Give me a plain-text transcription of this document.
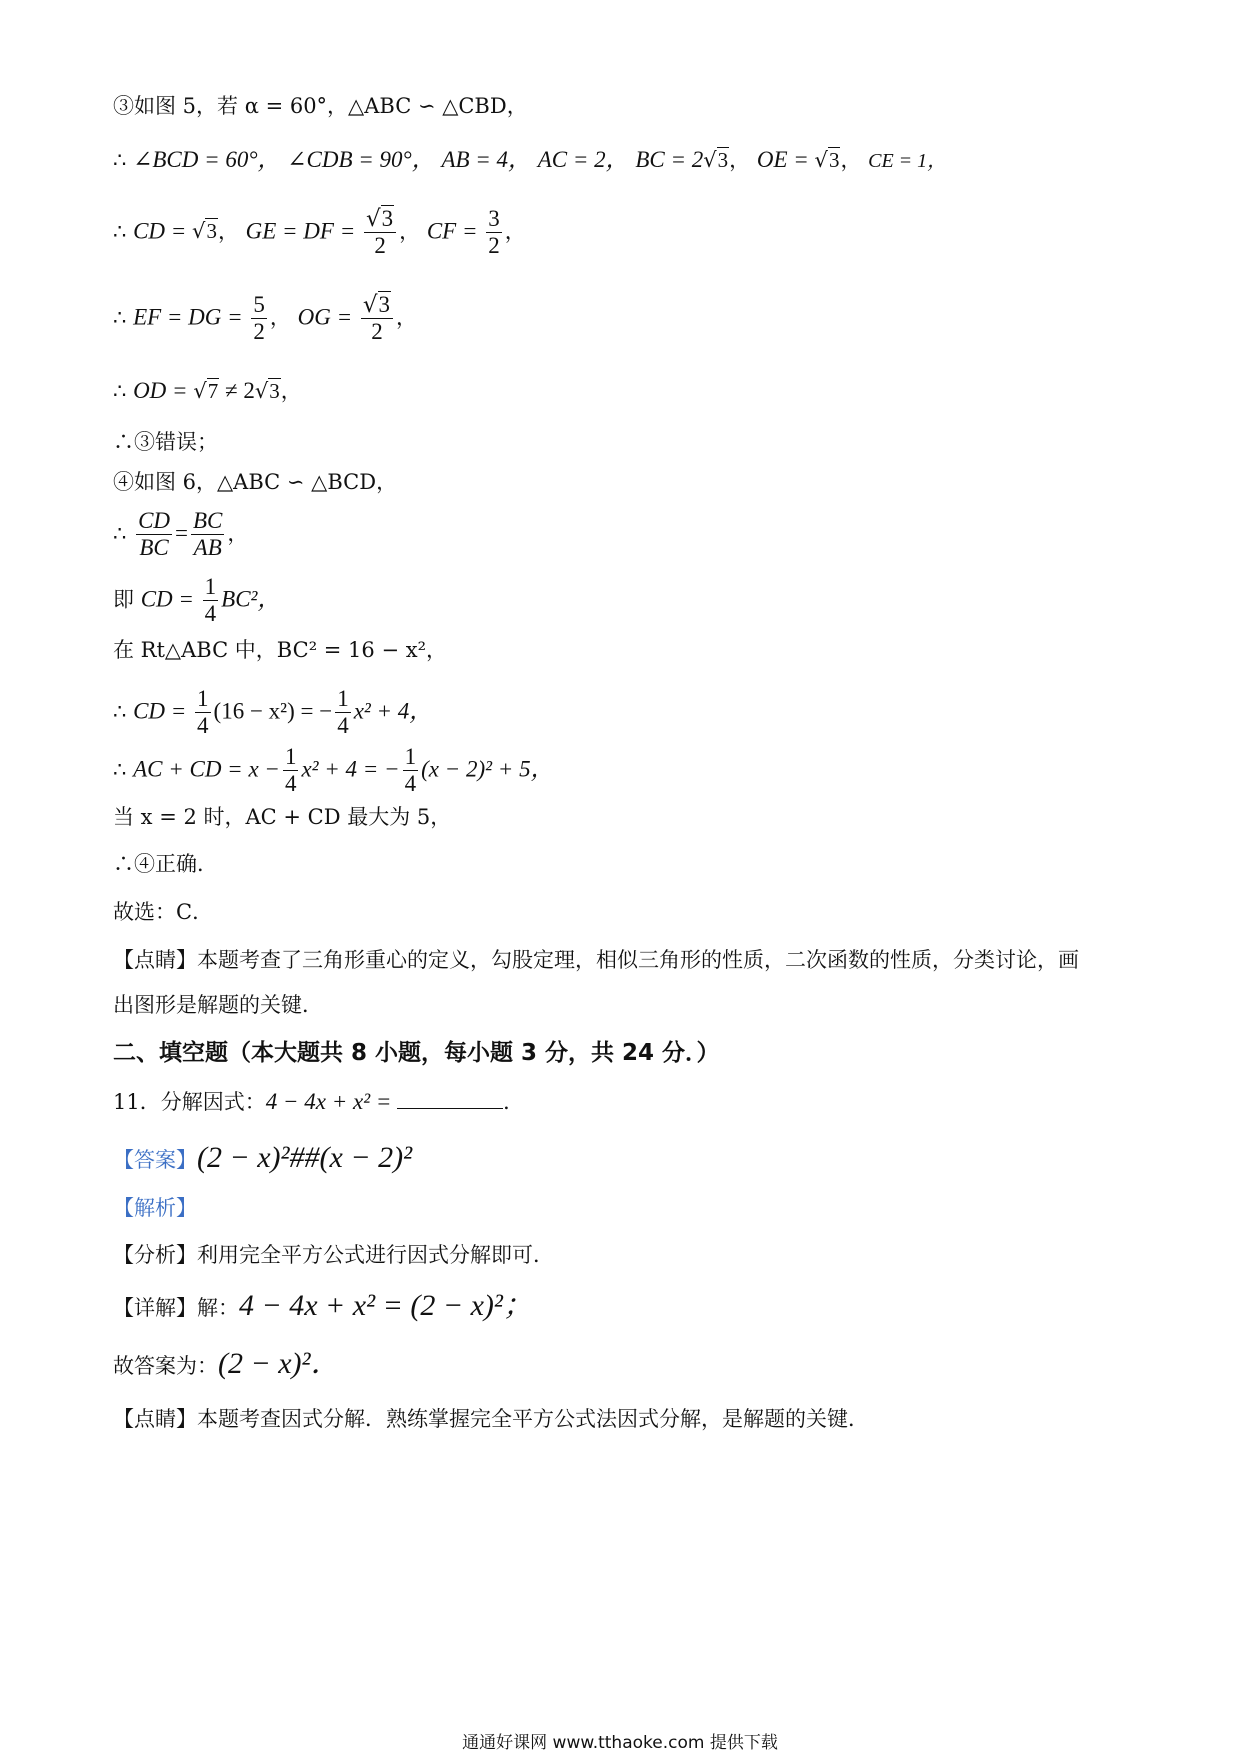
③如图 5，若 α = 60°，△ABC ∽ △CBD，
∴ ∠BCD = 60°， ∠CDB = 90°， AB = 4， AC = 2， BC = 2√3， OE = √3， CE = 1，
∴ CD = √3， GE = DF = $\frac{√3}{2}$ ， CF = $\frac{3}{2}$ ，
∴ EF = DG = $\frac{5}{2}$ ， OG = $\frac{√3}{2}$ ，
∴ OD = √7 ≠ 2√3，
∴③错误；
④如图 6，△ABC ∽ △BCD，
∴ $\frac{CD}{BC} = \frac{BC}{AB}$ ，
即 CD = $\frac{1}{4} BC^2$，
在 Rt△ABC 中，BC² = 16 − x²，
∴ CD = $\frac{1}{4} (16 - x^2)$ = − $\frac{1}{4} x^2 + 4$，
∴ AC + CD = $x - \frac{1}{4} x^2 + 4$ = − $\frac{1}{4} (x - 2)^2 + 5$，
当 x = 2 时，AC + CD 最大为 5，
∴④正确．
故选：C．
【点睛】本题考查了三角形重心的定义，勾股定理，相似三角形的性质，二次函数的性质，分类讨论，画
出图形是解题的关键．
二、填空题（本大题共 8 小题，每小题 3 分，共 24 分．）
11．分解因式：4 − 4x + x² =	．
【答案】(2 − x)²##(x − 2)²
【解析】
【分析】利用完全平方公式进行因式分解即可．
【详解】解：4 − 4x + x² = (2 − x)²；
故答案为：(2 − x)²．
【点睛】本题考查因式分解．熟练掌握完全平方公式法因式分解，是解题的关键．
通通好课网 www.tthaoke.com 提供下载
